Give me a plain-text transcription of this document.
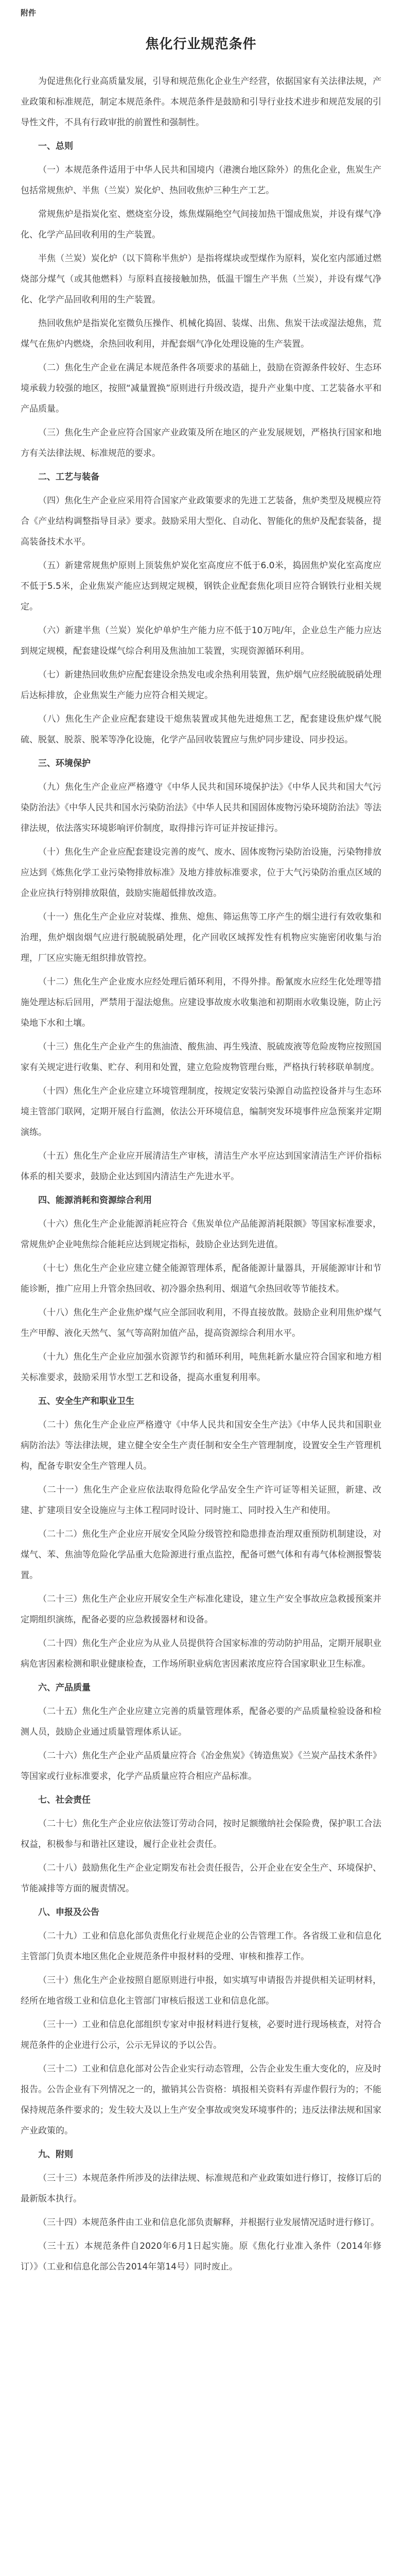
附件
焦化行业规范条件

为促进焦化行业高质量发展，引导和规范焦化企业生产经营，依据国家有关法律法规，产业政策和标准规范，制定本规范条件。本规范条件是鼓励和引导行业技术进步和规范发展的引导性文件，不具有行政审批的前置性和强制性。

一、总则

（一）本规范条件适用于中华人民共和国境内（港澳台地区除外）的焦化企业，焦炭生产包括常规焦炉、半焦（兰炭）炭化炉、热回收焦炉三种生产工艺。

常规焦炉是指炭化室、燃烧室分设，炼焦煤隔绝空气间接加热干馏成焦炭，并设有煤气净化、化学产品回收利用的生产装置。

半焦（兰炭）炭化炉（以下简称半焦炉）是指将煤块或型煤作为原料，炭化室内部通过燃烧部分煤气（或其他燃料）与原料直接接触加热，低温干馏生产半焦（兰炭），并设有煤气净化、化学产品回收利用的生产装置。

热回收焦炉是指炭化室微负压操作、机械化捣固、装煤、出焦、焦炭干法或湿法熄焦，荒煤气在焦炉内燃烧，余热回收利用，并配套烟气净化处理设施的生产装置。

（二）焦化生产企业在满足本规范条件各项要求的基础上，鼓励在资源条件较好、生态环境承载力较强的地区，按照“减量置换”原则进行升级改造，提升产业集中度、工艺装备水平和产品质量。

（三）焦化生产企业应符合国家产业政策及所在地区的产业发展规划，严格执行国家和地方有关法律法规、标准规范的要求。

二、工艺与装备

（四）焦化生产企业应采用符合国家产业政策要求的先进工艺装备，焦炉类型及规模应符合《产业结构调整指导目录》要求。鼓励采用大型化、自动化、智能化的焦炉及配套装备，提高装备技术水平。

（五）新建常规焦炉原则上顶装焦炉炭化室高度应不低于6.0米，捣固焦炉炭化室高度应不低于5.5米，企业焦炭产能应达到规定规模，钢铁企业配套焦化项目应符合钢铁行业相关规定。

（六）新建半焦（兰炭）炭化炉单炉生产能力应不低于10万吨/年，企业总生产能力应达到规定规模，配套建设煤气综合利用及焦油加工装置，实现资源循环利用。

（七）新建热回收焦炉应配套建设余热发电或余热利用装置，焦炉烟气应经脱硫脱硝处理后达标排放，企业焦炭生产能力应符合相关规定。

（八）焦化生产企业应配套建设干熄焦装置或其他先进熄焦工艺，配套建设焦炉煤气脱硫、脱氨、脱萘、脱苯等净化设施，化学产品回收装置应与焦炉同步建设、同步投运。

三、环境保护

（九）焦化生产企业应严格遵守《中华人民共和国环境保护法》《中华人民共和国大气污染防治法》《中华人民共和国水污染防治法》《中华人民共和国固体废物污染环境防治法》等法律法规，依法落实环境影响评价制度，取得排污许可证并按证排污。

（十）焦化生产企业应配套建设完善的废气、废水、固体废物污染防治设施，污染物排放应达到《炼焦化学工业污染物排放标准》及地方排放标准要求，位于大气污染防治重点区域的企业应执行特别排放限值，鼓励实施超低排放改造。

（十一）焦化生产企业应对装煤、推焦、熄焦、筛运焦等工序产生的烟尘进行有效收集和治理，焦炉烟囱烟气应进行脱硫脱硝处理，化产回收区域挥发性有机物应实施密闭收集与治理，厂区应实施无组织排放管控。

（十二）焦化生产企业废水应经处理后循环利用，不得外排。酚氰废水应经生化处理等措施处理达标后回用，严禁用于湿法熄焦。应建设事故废水收集池和初期雨水收集设施，防止污染地下水和土壤。

（十三）焦化生产企业产生的焦油渣、酸焦油、再生残渣、脱硫废液等危险废物应按照国家有关规定进行收集、贮存、利用和处置，建立危险废物管理台账，严格执行转移联单制度。

（十四）焦化生产企业应建立环境管理制度，按规定安装污染源自动监控设备并与生态环境主管部门联网，定期开展自行监测，依法公开环境信息，编制突发环境事件应急预案并定期演练。

（十五）焦化生产企业应开展清洁生产审核，清洁生产水平应达到国家清洁生产评价指标体系的相关要求，鼓励企业达到国内清洁生产先进水平。

四、能源消耗和资源综合利用

（十六）焦化生产企业能源消耗应符合《焦炭单位产品能源消耗限额》等国家标准要求，常规焦炉企业吨焦综合能耗应达到规定指标，鼓励企业达到先进值。

（十七）焦化生产企业应建立健全能源管理体系，配备能源计量器具，开展能源审计和节能诊断，推广应用上升管余热回收、初冷器余热利用、烟道气余热回收等节能技术。

（十八）焦化生产企业焦炉煤气应全部回收利用，不得直接放散。鼓励企业利用焦炉煤气生产甲醇、液化天然气、氢气等高附加值产品，提高资源综合利用水平。

（十九）焦化生产企业应加强水资源节约和循环利用，吨焦耗新水量应符合国家和地方相关标准要求，鼓励采用节水型工艺和设备，提高水重复利用率。

五、安全生产和职业卫生

（二十）焦化生产企业应严格遵守《中华人民共和国安全生产法》《中华人民共和国职业病防治法》等法律法规，建立健全安全生产责任制和安全生产管理制度，设置安全生产管理机构，配备专职安全生产管理人员。

（二十一）焦化生产企业应依法取得危险化学品安全生产许可证等相关证照，新建、改建、扩建项目安全设施应与主体工程同时设计、同时施工、同时投入生产和使用。

（二十二）焦化生产企业应开展安全风险分级管控和隐患排查治理双重预防机制建设，对煤气、苯、焦油等危险化学品重大危险源进行重点监控，配备可燃气体和有毒气体检测报警装置。

（二十三）焦化生产企业应开展安全生产标准化建设，建立生产安全事故应急救援预案并定期组织演练，配备必要的应急救援器材和设备。

（二十四）焦化生产企业应为从业人员提供符合国家标准的劳动防护用品，定期开展职业病危害因素检测和职业健康检查，工作场所职业病危害因素浓度应符合国家职业卫生标准。

六、产品质量

（二十五）焦化生产企业应建立完善的质量管理体系，配备必要的产品质量检验设备和检测人员，鼓励企业通过质量管理体系认证。

（二十六）焦化生产企业产品质量应符合《冶金焦炭》《铸造焦炭》《兰炭产品技术条件》等国家或行业标准要求，化学产品质量应符合相应产品标准。

七、社会责任

（二十七）焦化生产企业应依法签订劳动合同，按时足额缴纳社会保险费，保护职工合法权益，积极参与和谐社区建设，履行企业社会责任。

（二十八）鼓励焦化生产企业定期发布社会责任报告，公开企业在安全生产、环境保护、节能减排等方面的履责情况。

八、申报及公告

（二十九）工业和信息化部负责焦化行业规范企业的公告管理工作。各省级工业和信息化主管部门负责本地区焦化企业规范条件申报材料的受理、审核和推荐工作。

（三十）焦化生产企业按照自愿原则进行申报，如实填写申请报告并提供相关证明材料，经所在地省级工业和信息化主管部门审核后报送工业和信息化部。

（三十一）工业和信息化部组织专家对申报材料进行复核，必要时进行现场核查，对符合规范条件的企业进行公示，公示无异议的予以公告。

（三十二）工业和信息化部对公告企业实行动态管理，公告企业发生重大变化的，应及时报告。公告企业有下列情况之一的，撤销其公告资格：填报相关资料有弄虚作假行为的；不能保持规范条件要求的；发生较大及以上生产安全事故或突发环境事件的；违反法律法规和国家产业政策的。

九、附则

（三十三）本规范条件所涉及的法律法规、标准规范和产业政策如进行修订，按修订后的最新版本执行。

（三十四）本规范条件由工业和信息化部负责解释，并根据行业发展情况适时进行修订。

（三十五）本规范条件自2020年6月1日起实施。原《焦化行业准入条件（2014年修订）》（工业和信息化部公告2014年第14号）同时废止。
